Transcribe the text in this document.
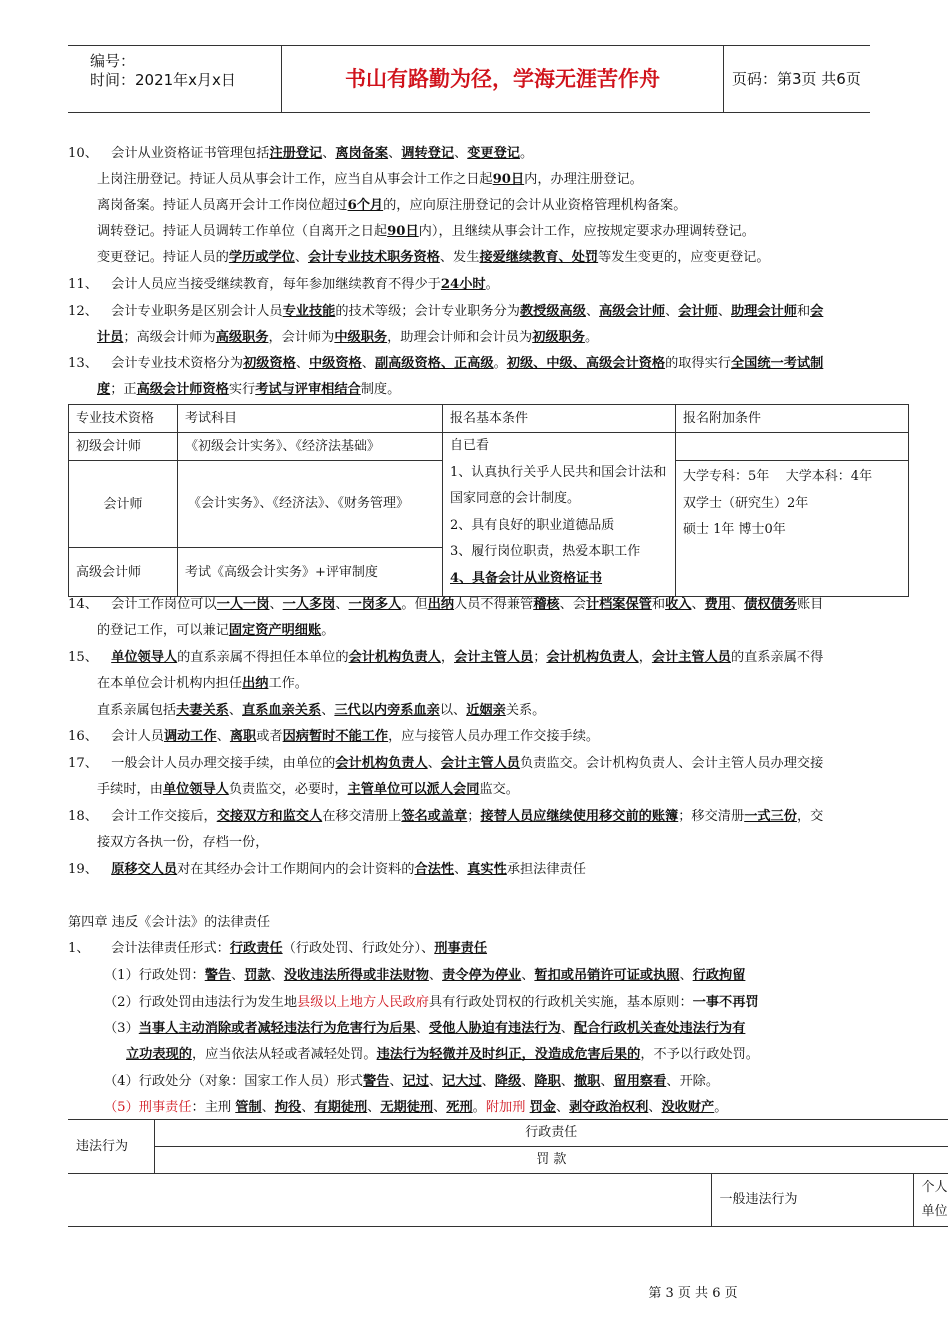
编号：
时间：2021年x月x日	书山有路勤为径，学海无涯苦作舟	页码：第3页 共6页
10、　会计从业资格证书管理包括注册登记、离岗备案、调转登记、变更登记。
上岗注册登记。持证人员从事会计工作，应当自从事会计工作之日起90日内，办理注册登记。
离岗备案。持证人员离开会计工作岗位超过6个月的，应向原注册登记的会计从业资格管理机构备案。
调转登记。持证人员调转工作单位（自离开之日起90日内），且继续从事会计工作，应按规定要求办理调转登记。
变更登记。持证人员的学历或学位、会计专业技术职务资格、发生接爱继续教育、处罚等发生变更的，应变更登记。
11、　会计人员应当接受继续教育，每年参加继续教育不得少于24小时。
12、　会计专业职务是区别会计人员专业技能的技术等级；会计专业职务分为教授级高级、高级会计师、会计师、助理会计师和会
计员；高级会计师为高级职务，会计师为中级职务，助理会计师和会计员为初级职务。
13、　会计专业技术资格分为初级资格、中级资格、副高级资格、正高级。初级、中级、高级会计资格的取得实行全国统一考试制
度；正高级会计师资格实行考试与评审相结合制度。
专业技术资格	考试科目	报名基本条件	报名附加条件
初级会计师	《初级会计实务》、《经济法基础》	自已看
1、认真执行关乎人民共和国会计法和国家同意的会计制度。
2、具有良好的职业道德品质
3、履行岗位职责，热爱本职工作
4、具备会计从业资格证书	

会计师	《会计实务》、《经济法》、《财务管理》		大学专科：5年    大学本科：4年
双学士（研究生）2年
硕士 1年 博士0年

高级会计师	考试《高级会计实务》+评审制度		
14、　会计工作岗位可以一人一岗、一人多岗、一岗多人。但出纳人员不得兼管稽核、会计档案保管和收入、费用、债权债务账目
的登记工作，可以兼记固定资产明细账。
15、　 单位领导人的直系亲属不得担任本单位的会计机构负责人，会计主管人员；会计机构负责人，会计主管人员的直系亲属不得
在本单位会计机构内担任出纳工作。
直系亲属包括夫妻关系、直系血亲关系、三代以内旁系血亲以、近姻亲关系。
16、　会计人员调动工作、离职或者因病暂时不能工作，应与接管人员办理工作交接手续。
17、　一般会计人员办理交接手续，由单位的会计机构负责人、会计主管人员负责监交。会计机构负责人、会计主管人员办理交接
手续时，由单位领导人负责监交，必要时，主管单位可以派人会同监交。
18、　会计工作交接后，交接双方和监交人在移交清册上签名或盖章；接替人员应继续使用移交前的账簿；移交清册一式三份，交
接双方各执一份，存档一份，
19、　 原移交人员对在其经办会计工作期间内的会计资料的合法性、真实性承担法律责任
第四章 违反《会计法》的法律责任
1、　会计法律责任形式：行政责任（行政处罚、行政处分）、刑事责任
（1）行政处罚：警告、罚款、没收违法所得或非法财物、责令停为停业、暂扣或吊销许可证或执照、行政拘留
（2）行政处罚由违法行为发生地县级以上地方人民政府具有行政处罚权的行政机关实施，基本原则：一事不再罚
（3）当事人主动消除或者减轻违法行为危害行为后果、受他人胁迫有违法行为、配合行政机关查处违法行为有
立功表现的，应当依法从轻或者减轻处罚。违法行为轻微并及时纠正，没造成危害后果的，不予以行政处罚。
（4）行政处分（对象：国家工作人员）形式警告、记过、记大过、降级、降职、撤职、留用察看、开除。
（5）刑事责任：主刑 管制、拘役、有期徒刑、无期徒刑、死刑。附加刑 罚金、剥夺政治权利、没收财产。
违法行为	行政责任		
	罚 款		
		一般违法行为	个人
单位
第 3 页 共 6 页
